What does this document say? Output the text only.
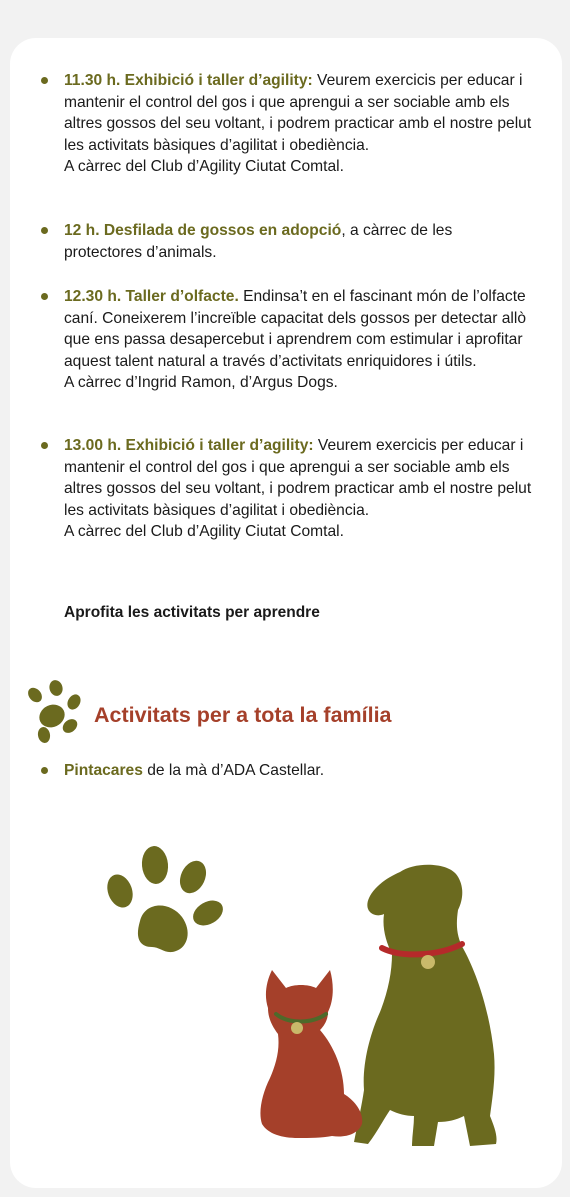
11.30 h. Exhibició i taller d’agility: Veurem exercicis per educar i mantenir el control del gos i que aprengui a ser sociable amb els altres gossos del seu voltant, i podrem practicar amb el nostre pelut les activitats bàsiques d’agilitat i obediència.
A càrrec del Club d’Agility Ciutat Comtal.
12 h. Desfilada de gossos en adopció, a càrrec de les protectores d’animals.
12.30 h. Taller d’olfacte. Endinsa’t en el fascinant món de l’olfacte caní. Coneixerem l’increïble capacitat dels gossos per detectar allò que ens passa desapercebut i aprendrem com estimular i aprofitar aquest talent natural a través d’activitats enriquidores i útils.
A càrrec d’Ingrid Ramon, d’Argus Dogs.
13.00 h. Exhibició i taller d’agility: Veurem exercicis per educar i mantenir el control del gos i que aprengui a ser sociable amb els altres gossos del seu voltant, i podrem practicar amb el nostre pelut les activitats bàsiques d’agilitat i obediència.
A càrrec del Club d’Agility Ciutat Comtal.
Aprofita les activitats per aprendre
Activitats per a tota la família
Pintacares de la mà d’ADA Castellar.
